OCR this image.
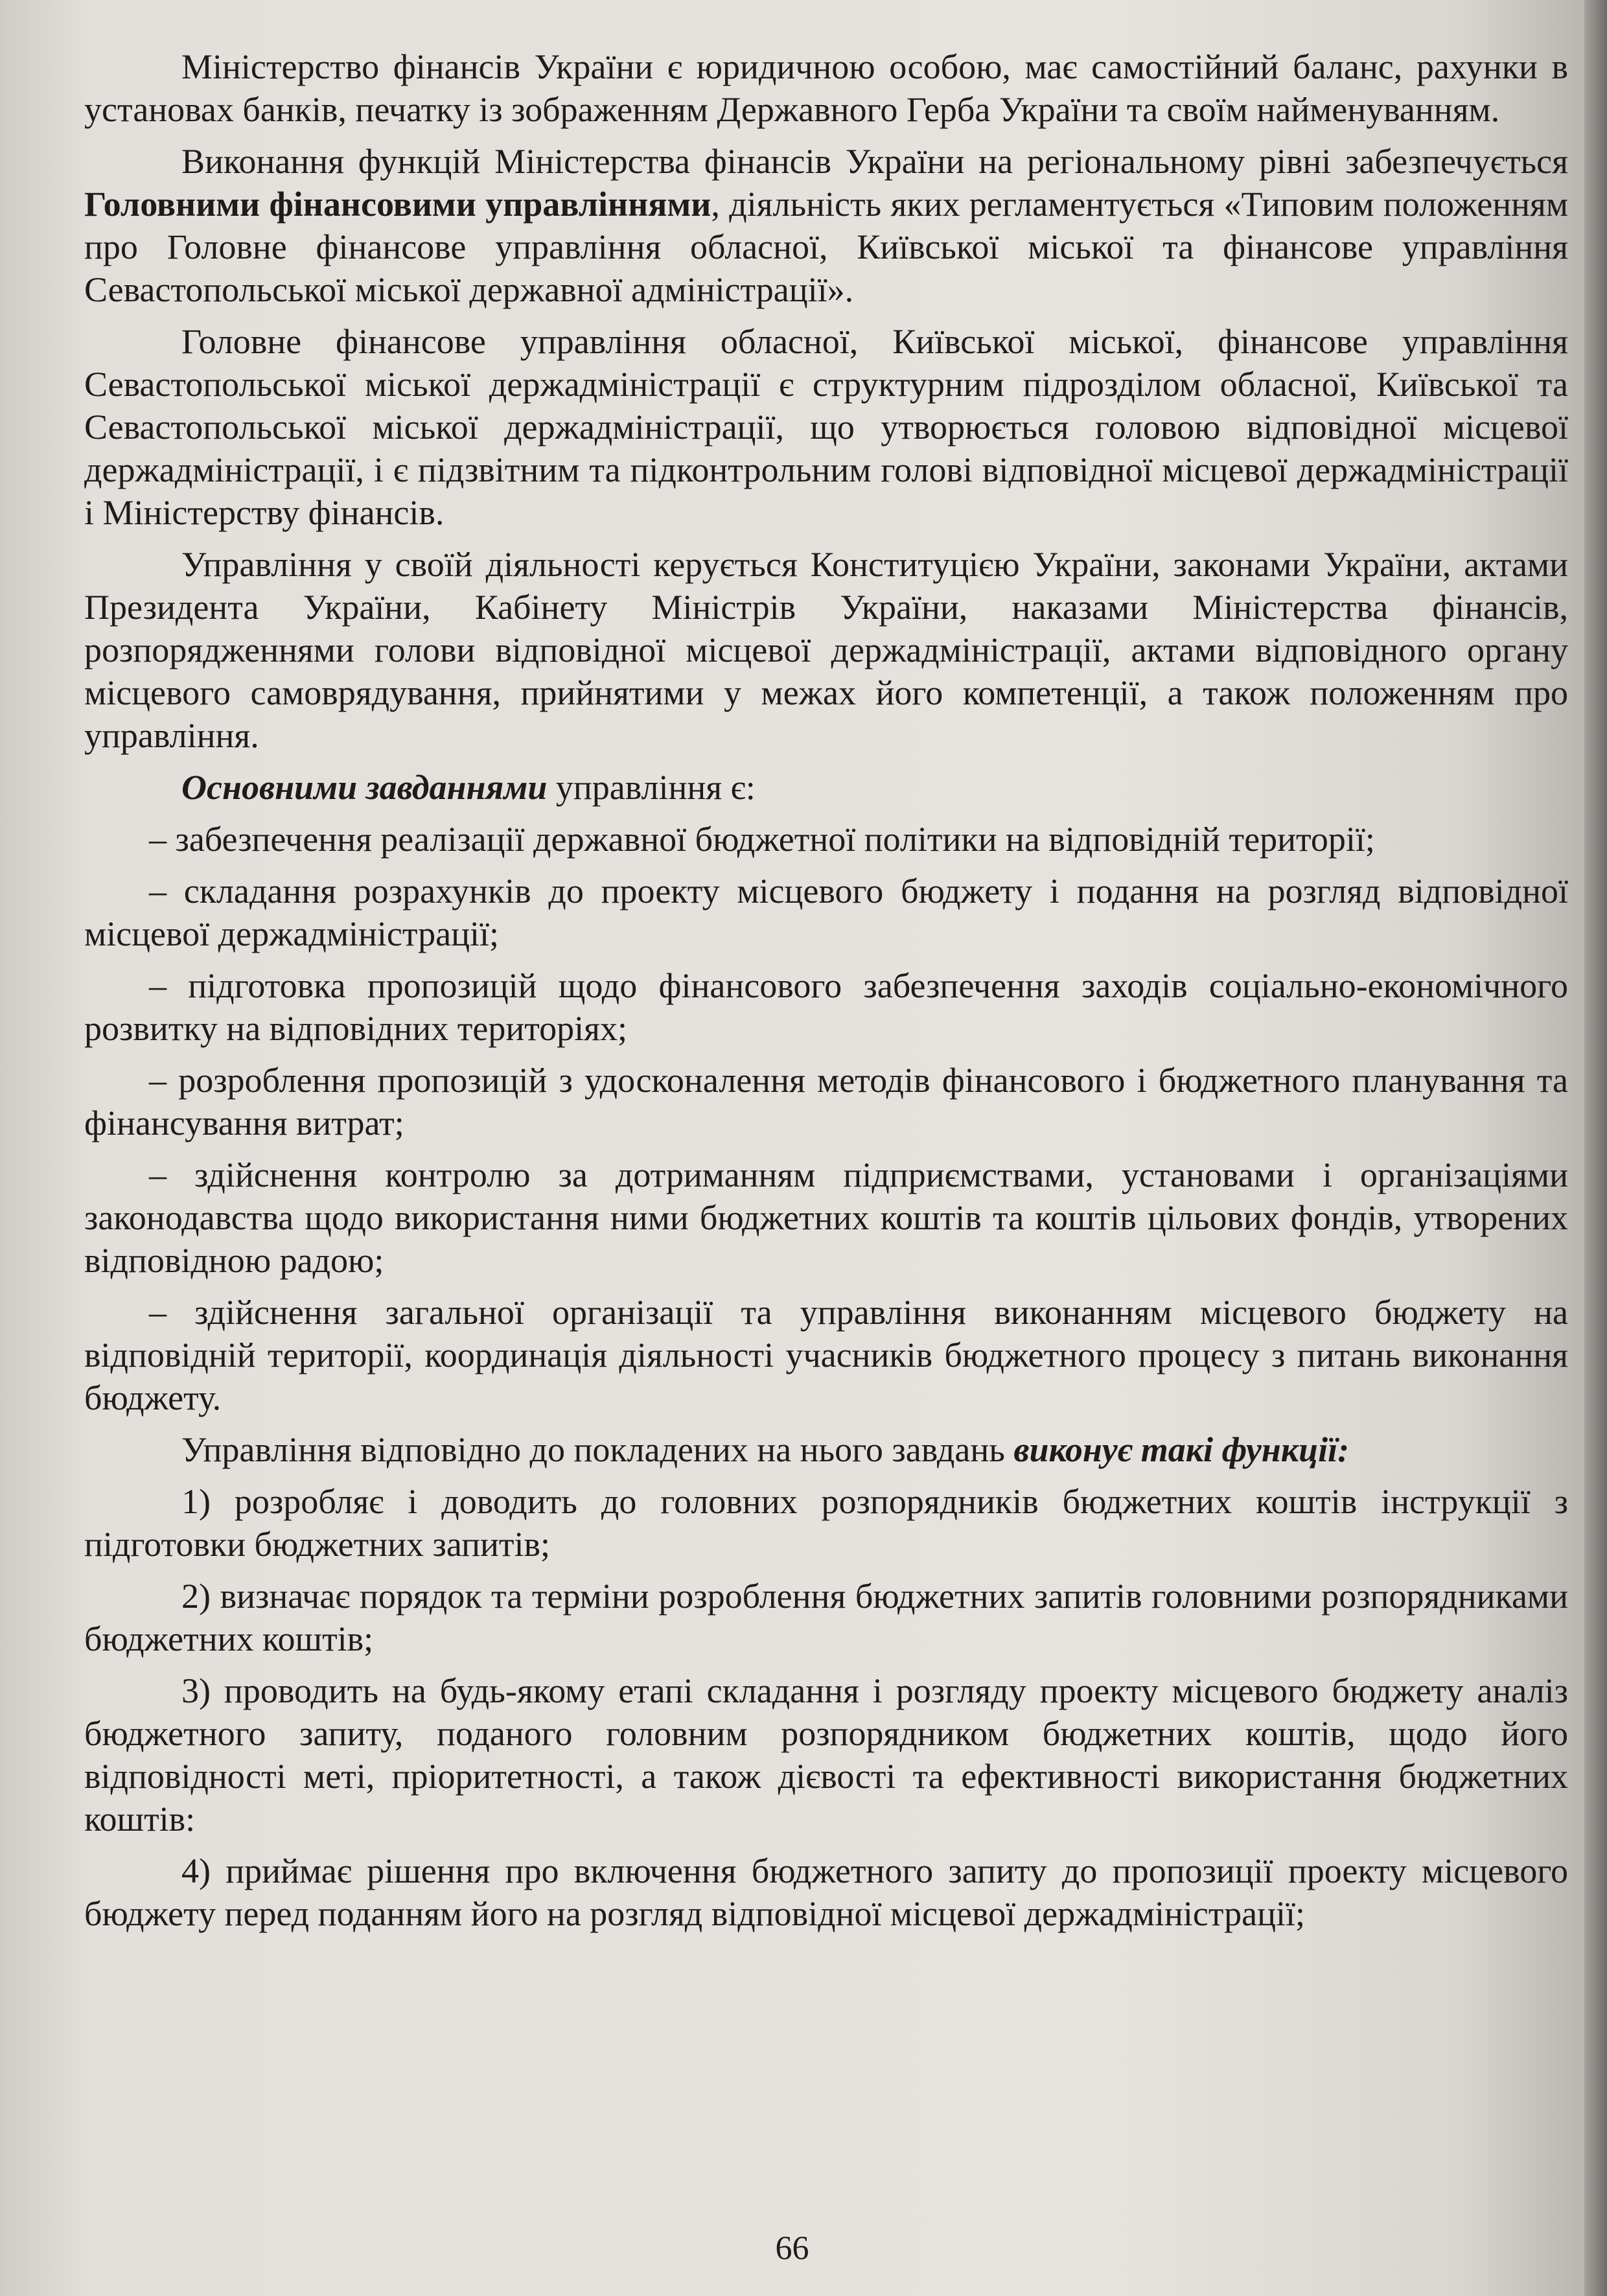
Міністерство фінансів України є юридичною особою, має самостійний баланс, рахунки в установах банків, печатку із зображенням Державного Герба України та своїм найменуванням.

Виконання функцій Міністерства фінансів України на регіональному рівні забезпечується Головними фінансовими управліннями, діяльність яких регламентується «Типовим положенням про Головне фінансове управління обласної, Київської міської та фінансове управління Севастопольської міської державної адміністрації».

Головне фінансове управління обласної, Київської міської, фінансове управління Севастопольської міської держадміністрації є структурним підрозділом обласної, Київської та Севастопольської міської держадміністрації, що утворюється головою відповідної місцевої держадміністрації, і є підзвітним та підконтрольним голові відповідної місцевої держадміністрації і Міністерству фінансів.

Управління у своїй діяльності керується Конституцією України, законами України, актами Президента України, Кабінету Міністрів України, наказами Міністерства фінансів, розпорядженнями голови відповідної місцевої держадміністрації, актами відповідного органу місцевого самоврядування, прийнятими у межах його компетенції, а також положенням про управління.

Основними завданнями управління є:

– забезпечення реалізації державної бюджетної політики на відповідній території;

– складання розрахунків до проекту місцевого бюджету і подання на розгляд відповідної місцевої держадміністрації;

– підготовка пропозицій щодо фінансового забезпечення заходів соціально-економічного розвитку на відповідних територіях;

– розроблення пропозицій з удосконалення методів фінансового і бюджетного планування та фінансування витрат;

– здійснення контролю за дотриманням підприємствами, установами і організаціями законодавства щодо використання ними бюджетних коштів та коштів цільових фондів, утворених відповідною радою;

– здійснення загальної організації та управління виконанням місцевого бюджету на відповідній території, координація діяльності учасників бюджетного процесу з питань виконання бюджету.

Управління відповідно до покладених на нього завдань виконує такі функції:

1) розробляє і доводить до головних розпорядників бюджетних коштів інструкції з підготовки бюджетних запитів;

2) визначає порядок та терміни розроблення бюджетних запитів головними розпорядниками бюджетних коштів;

3) проводить на будь-якому етапі складання і розгляду проекту місцевого бюджету аналіз бюджетного запиту, поданого головним розпорядником бюджетних коштів, щодо його відповідності меті, пріоритетності, а також дієвості та ефективності використання бюджетних коштів:

4) приймає рішення про включення бюджетного запиту до пропозиції проекту місцевого бюджету перед поданням його на розгляд відповідної місцевої держадміністрації;

66
